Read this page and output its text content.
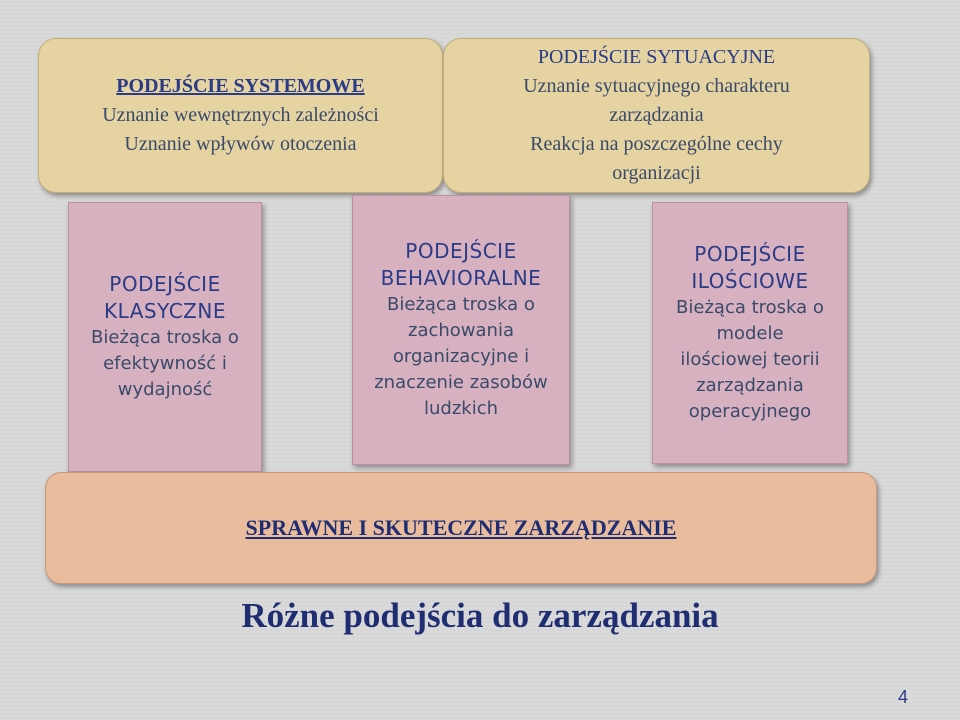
PODEJŚCIE SYSTEMOWE
Uznanie wewnętrznych zależności
Uznanie wpływów otoczenia
PODEJŚCIE SYTUACYJNE
Uznanie sytuacyjnego charakteru
zarządzania
Reakcja na poszczególne cechy
organizacji
PODEJŚCIE
KLASYCZNE
Bieżąca troska o
efektywność i
wydajność
PODEJŚCIE
BEHAVIORALNE
Bieżąca troska o
zachowania
organizacyjne i
znaczenie zasobów
ludzkich
PODEJŚCIE
ILOŚCIOWE
Bieżąca troska o
modele
ilościowej teorii
zarządzania
operacyjnego
SPRAWNE I SKUTECZNE ZARZĄDZANIE
Różne podejścia do zarządzania
4
